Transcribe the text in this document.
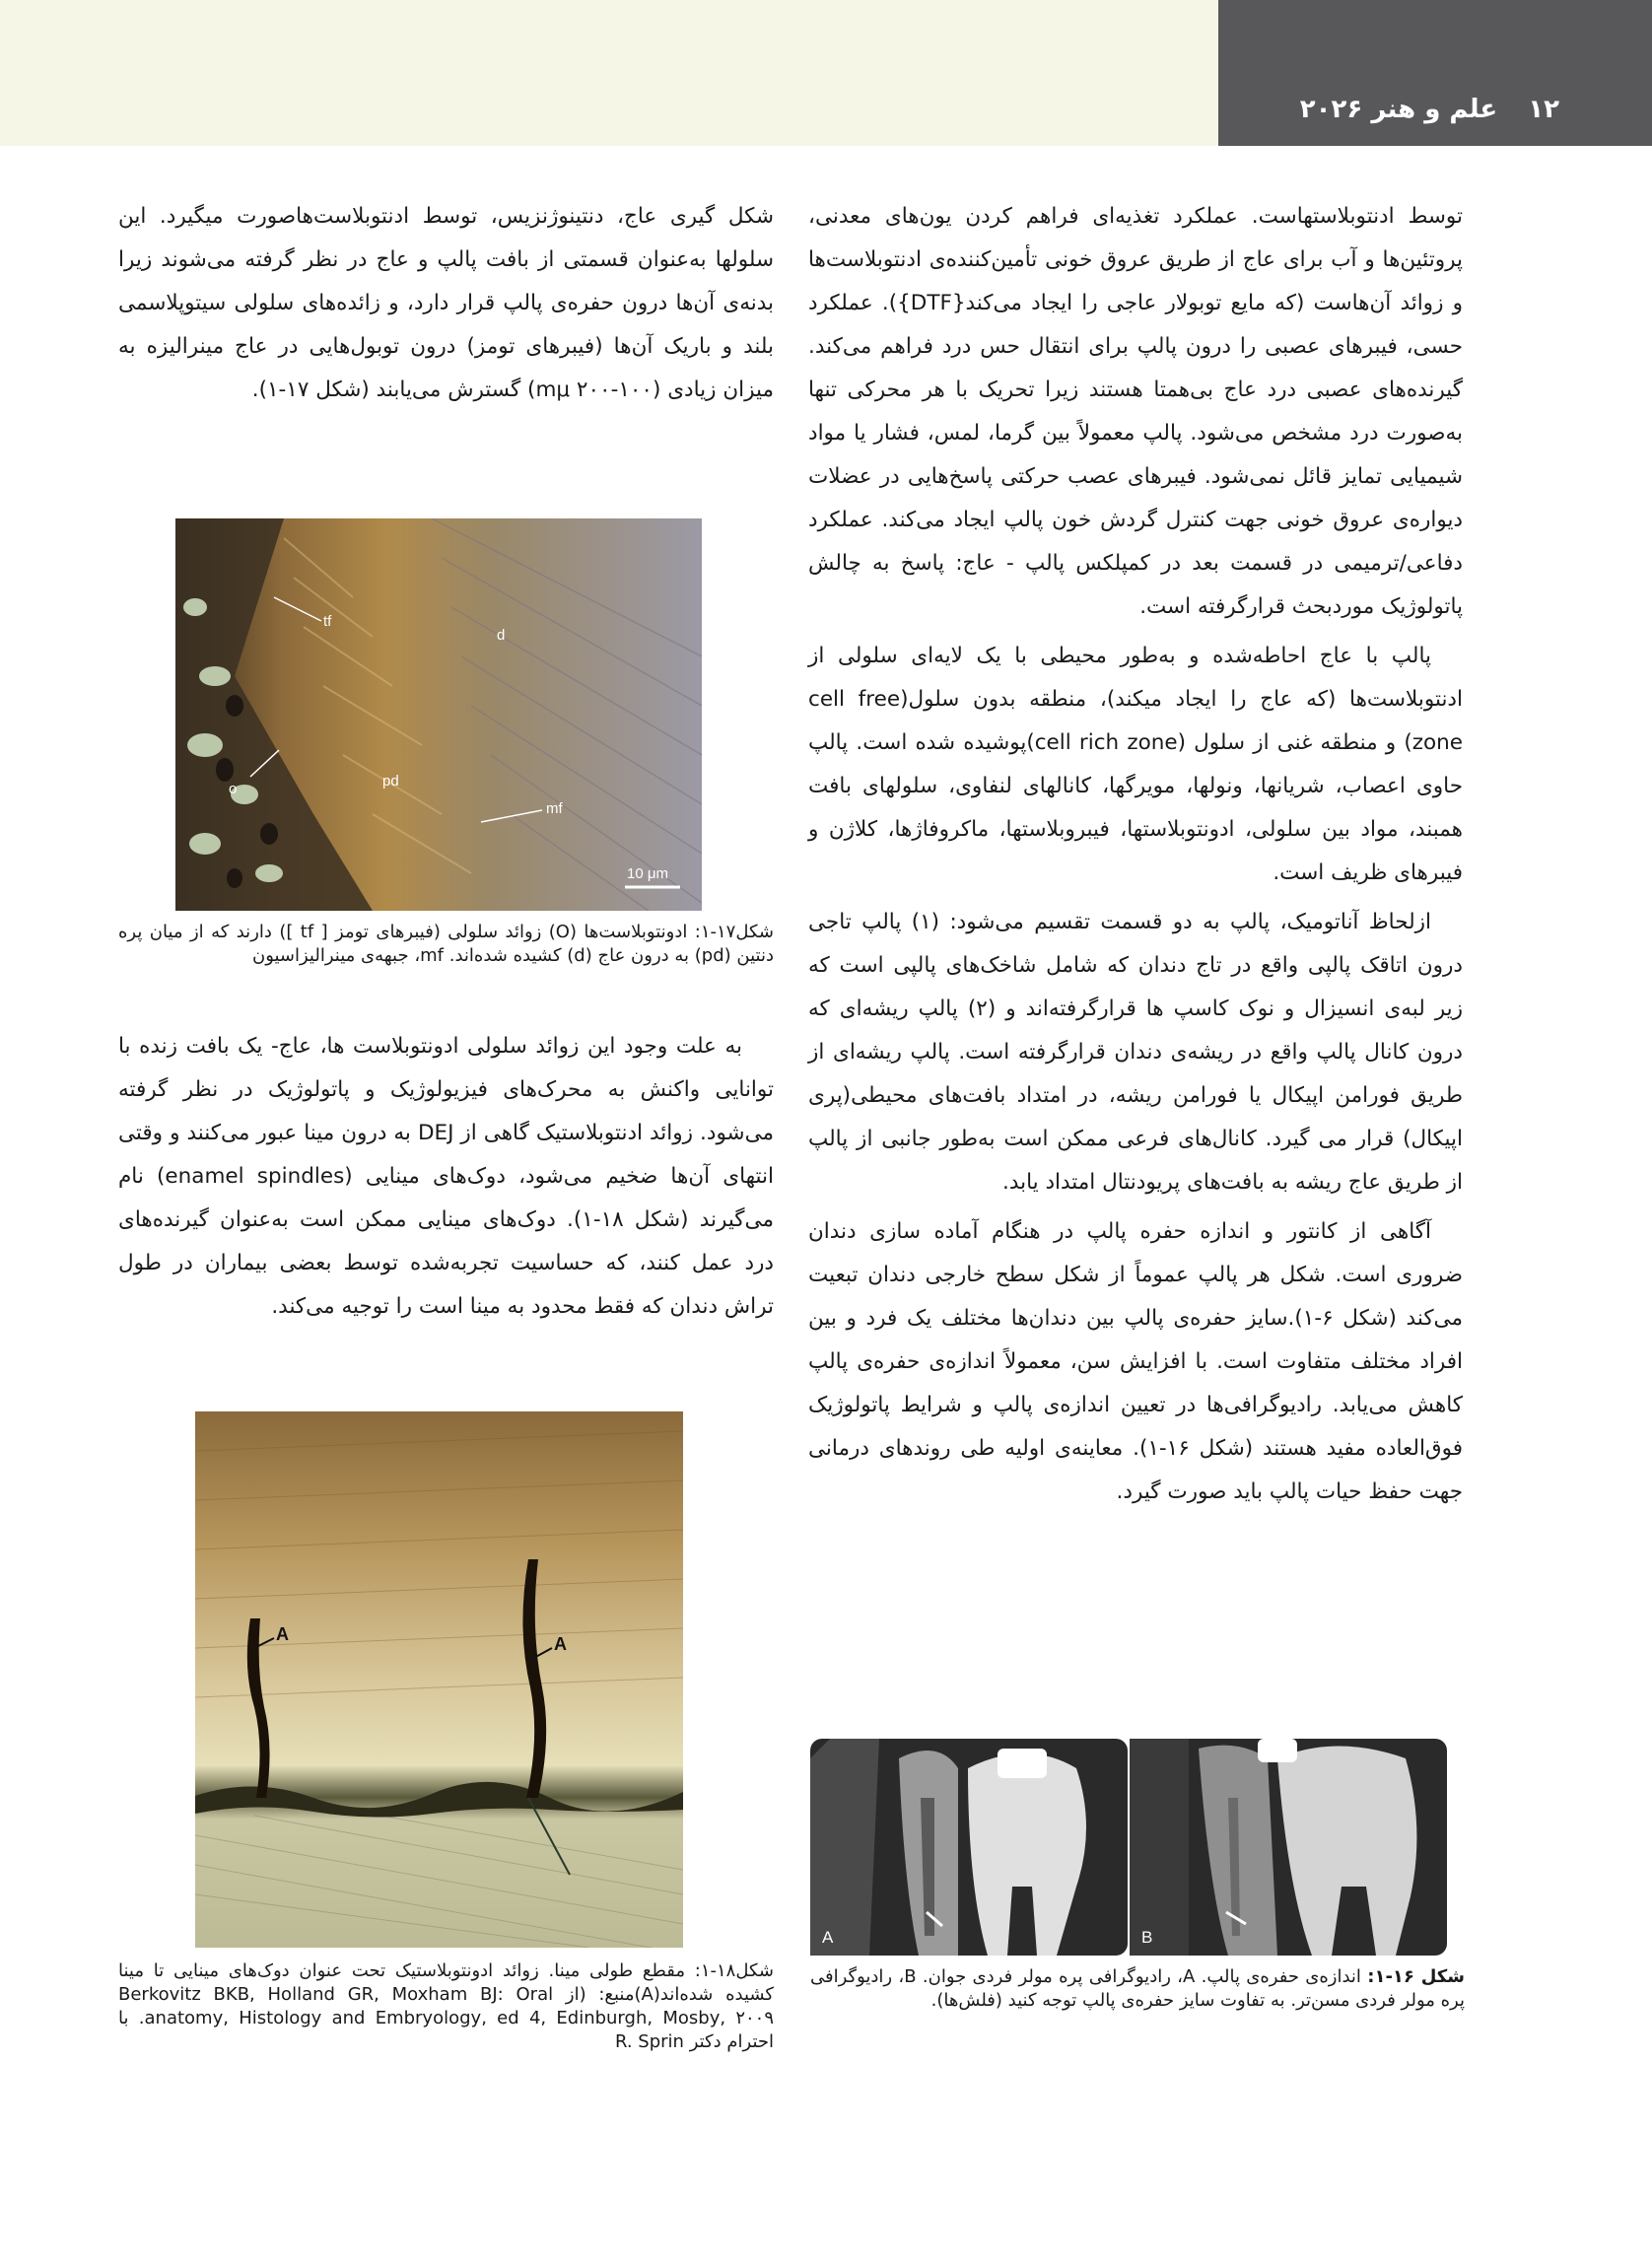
۱۲ علم و هنر ۲۰۲۶

توسط ادنتوبلاستهاست. عملکرد تغذیه‌ای فراهم کردن یون‌های معدنی، پروتئین‌ها و آب برای عاج از طریق عروق خونی تأمین‌کننده‌ی ادنتوبلاست‌ها و زوائد آن‌هاست (که مایع توبولار عاجی را ایجاد می‌کند{DTF}). عملکرد حسی، فیبرهای عصبی را درون پالپ برای انتقال حس درد فراهم می‌کند. گیرنده‌های عصبی درد عاج بی‌همتا هستند زیرا تحریک با هر محرکی تنها به‌صورت درد مشخص می‌شود. پالپ معمولاً بین گرما، لمس، فشار یا مواد شیمیایی تمایز قائل نمی‌شود. فیبرهای عصب حرکتی پاسخ‌هایی در عضلات دیواره‌ی عروق خونی جهت کنترل گردش خون پالپ ایجاد می‌کند. عملکرد دفاعی/ترمیمی در قسمت بعد در کمپلکس پالپ - عاج: پاسخ به چالش پاتولوژیک موردبحث قرارگرفته است.

پالپ با عاج احاطه‌شده و به‌طور محیطی با یک لایه‌ای سلولی از ادنتوبلاست‌ها (که عاج را ایجاد میکند)، منطقه بدون سلول(cell free zone) و منطقه غنی از سلول (cell rich zone)پوشیده شده است. پالپ حاوی اعصاب، شریانها، ونولها، مویرگها، کانالهای لنفاوی، سلولهای بافت همبند، مواد بین سلولی، ادونتوبلاستها، فیبروبلاستها، ماکروفاژها، کلاژن و فیبرهای ظریف است.

ازلحاظ آناتومیک، پالپ به دو قسمت تقسیم می‌شود: (۱) پالپ تاجی درون اتاقک پالپی واقع در تاج دندان که شامل شاخک‌های پالپی است که زیر لبه‌ی انسیزال و نوک کاسپ ها قرارگرفته‌اند و (۲) پالپ ریشه‌ای که درون کانال پالپ واقع در ریشه‌ی دندان قرارگرفته است. پالپ ریشه‌ای از طریق فورامن اپیکال یا فورامن ریشه، در امتداد بافت‌های محیطی(پری اپیکال) قرار می گیرد. کانال‌های فرعی ممکن است به‌طور جانبی از پالپ از طریق عاج ریشه به بافت‌های پریودنتال امتداد یابد.

آگاهی از کانتور و اندازه حفره پالپ در هنگام آماده سازی دندان ضروری است. شکل هر پالپ عموماً از شکل سطح خارجی دندان تبعیت می‌کند (شکل ۶-۱).سایز حفره‌ی پالپ بین دندان‌ها مختلف یک فرد و بین افراد مختلف متفاوت است. با افزایش سن، معمولاً اندازه‌ی حفره‌ی پالپ کاهش می‌یابد. رادیوگرافی‌ها در تعیین اندازه‌ی پالپ و شرایط پاتولوژیک فوق‌العاده مفید هستند (شکل ۱۶-۱). معاینه‌ی اولیه طی روندهای درمانی جهت حفظ حیات پالپ باید صورت گیرد.

شکل گیری عاج، دنتینوژنزیس، توسط ادنتوبلاست‌هاصورت میگیرد. این سلولها به‌عنوان قسمتی از بافت پالپ و عاج در نظر گرفته می‌شوند زیرا بدنه‌ی آن‌ها درون حفره‌ی پالپ قرار دارد، و زائده‌های سلولی سیتوپلاسمی بلند و باریک آن‌ها (فیبرهای تومز) درون توبول‌هایی در عاج مینرالیزه به میزان زیادی (۱۰۰-۲۰۰ mμ) گسترش می‌یابند (شکل ۱۷-۱).

tf
d
o	pd
mf
10 μm
شکل۱۷-۱: ادونتوبلاست‌ها (O) زوائد سلولی (فیبرهای تومز [ tf ]) دارند که از میان پره دنتین (pd) به درون عاج (d) کشیده شده‌اند. mf، جبهه‌ی مینرالیزاسیون

به علت وجود این زوائد سلولی ادونتوبلاست ها، عاج- یک بافت زنده با توانایی واکنش به محرک‌های فیزیولوژیک و پاتولوژیک در نظر گرفته می‌شود. زوائد ادنتوبلاستیک گاهی از DEJ به درون مینا عبور می‌کنند و وقتی انتهای آن‌ها ضخیم می‌شود، دوک‌های مینایی (enamel spindles) نام می‌گیرند (شکل ۱۸-۱). دوک‌های مینایی ممکن است به‌عنوان گیرنده‌های درد عمل کنند، که حساسیت تجربه‌شده توسط بعضی بیماران در طول تراش دندان که فقط محدود به مینا است را توجیه می‌کند.

A	A
شکل۱۸-۱: مقطع طولی مینا. زوائد ادونتوبلاستیک تحت عنوان دوک‌های مینایی تا مینا کشیده شده‌اند(A)منبع: (از Berkovitz BKB, Holland GR, Moxham BJ: Oral anatomy, Histology and Embryology, ed 4, Edinburgh, Mosby, ۲۰۰۹. با احترام دکتر R. Sprin
A	B
شکل ۱۶-۱: اندازه‌ی حفره‌ی پالپ. A، رادیوگرافی پره مولر فردی جوان. B، رادیوگرافی پره مولر فردی مسن‌تر. به تفاوت سایز حفره‌ی پالپ توجه کنید (فلش‌ها).
